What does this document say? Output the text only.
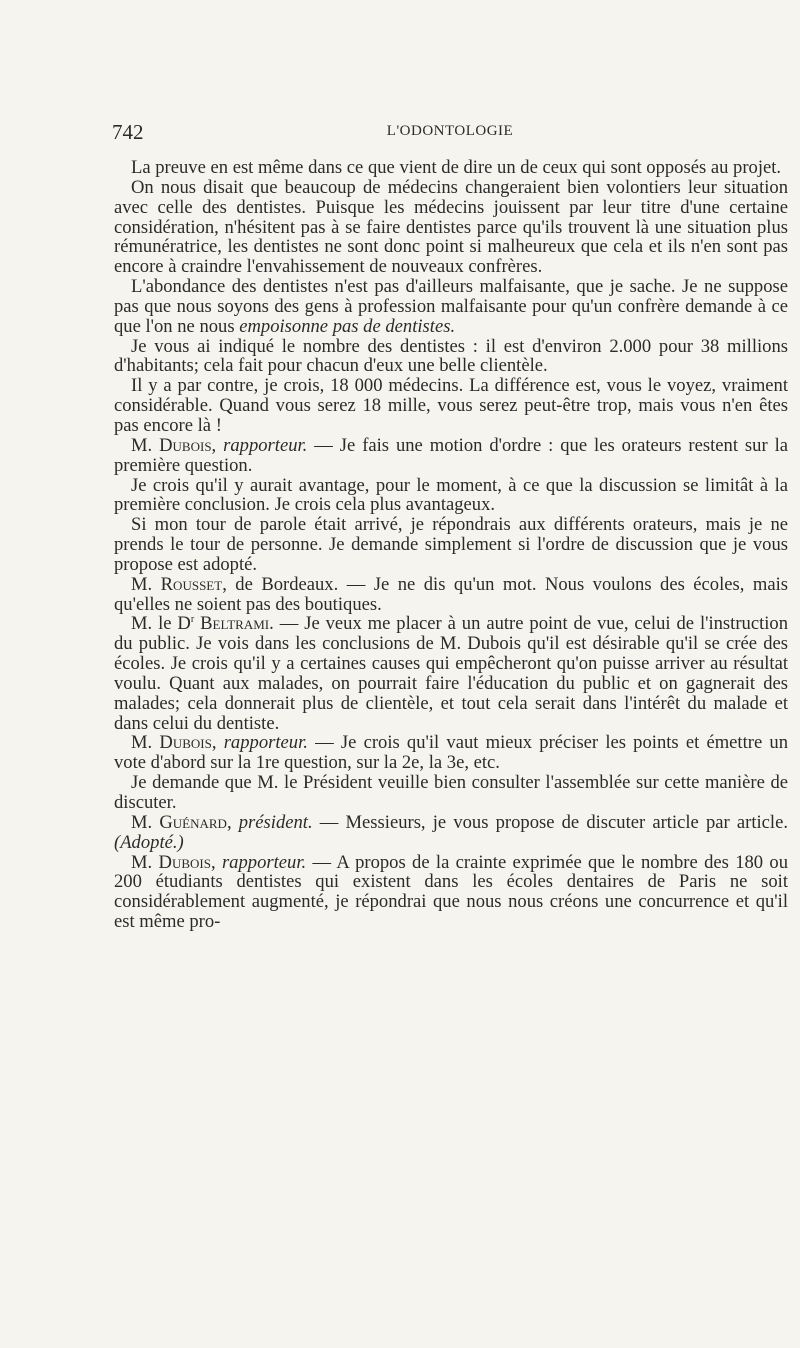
742	L'ODONTOLOGIE

La preuve en est même dans ce que vient de dire un de ceux qui sont opposés au projet.

On nous disait que beaucoup de médecins changeraient bien volontiers leur situation avec celle des dentistes. Puisque les médecins jouissent par leur titre d'une certaine considération, n'hésitent pas à se faire dentistes parce qu'ils trouvent là une situation plus rémunératrice, les dentistes ne sont donc point si malheureux que cela et ils n'en sont pas encore à craindre l'envahissement de nouveaux confrères.

L'abondance des dentistes n'est pas d'ailleurs malfaisante, que je sache. Je ne suppose pas que nous soyons des gens à profession malfaisante pour qu'un confrère demande à ce que l'on ne nous empoisonne pas de dentistes.

Je vous ai indiqué le nombre des dentistes : il est d'environ 2.000 pour 38 millions d'habitants; cela fait pour chacun d'eux une belle clientèle.

Il y a par contre, je crois, 18 000 médecins. La différence est, vous le voyez, vraiment considérable. Quand vous serez 18 mille, vous serez peut-être trop, mais vous n'en êtes pas encore là !

M. Dubois, rapporteur. — Je fais une motion d'ordre : que les orateurs restent sur la première question.

Je crois qu'il y aurait avantage, pour le moment, à ce que la discussion se limitât à la première conclusion. Je crois cela plus avantageux.

Si mon tour de parole était arrivé, je répondrais aux différents orateurs, mais je ne prends le tour de personne. Je demande simplement si l'ordre de discussion que je vous propose est adopté.

M. Rousset, de Bordeaux. — Je ne dis qu'un mot. Nous voulons des écoles, mais qu'elles ne soient pas des boutiques.

M. le $D^r$ Beltrami. — Je veux me placer à un autre point de vue, celui de l'instruction du public. Je vois dans les conclusions de M. Dubois qu'il est désirable qu'il se crée des écoles. Je crois qu'il y a certaines causes qui empêcheront qu'on puisse arriver au résultat voulu. Quant aux malades, on pourrait faire l'éducation du public et on gagnerait des malades; cela donnerait plus de clientèle, et tout cela serait dans l'intérêt du malade et dans celui du dentiste.

M. Dubois, rapporteur. — Je crois qu'il vaut mieux préciser les points et émettre un vote d'abord sur la 1re question, sur la 2e, la 3e, etc.

Je demande que M. le Président veuille bien consulter l'assemblée sur cette manière de discuter.

M. Guénard, président. — Messieurs, je vous propose de discuter article par article. (Adopté.)

M. Dubois, rapporteur. — A propos de la crainte exprimée que le nombre des 180 ou 200 étudiants dentistes qui existent dans les écoles dentaires de Paris ne soit considérablement augmenté, je répondrai que nous nous créons une concurrence et qu'il est même pro-
